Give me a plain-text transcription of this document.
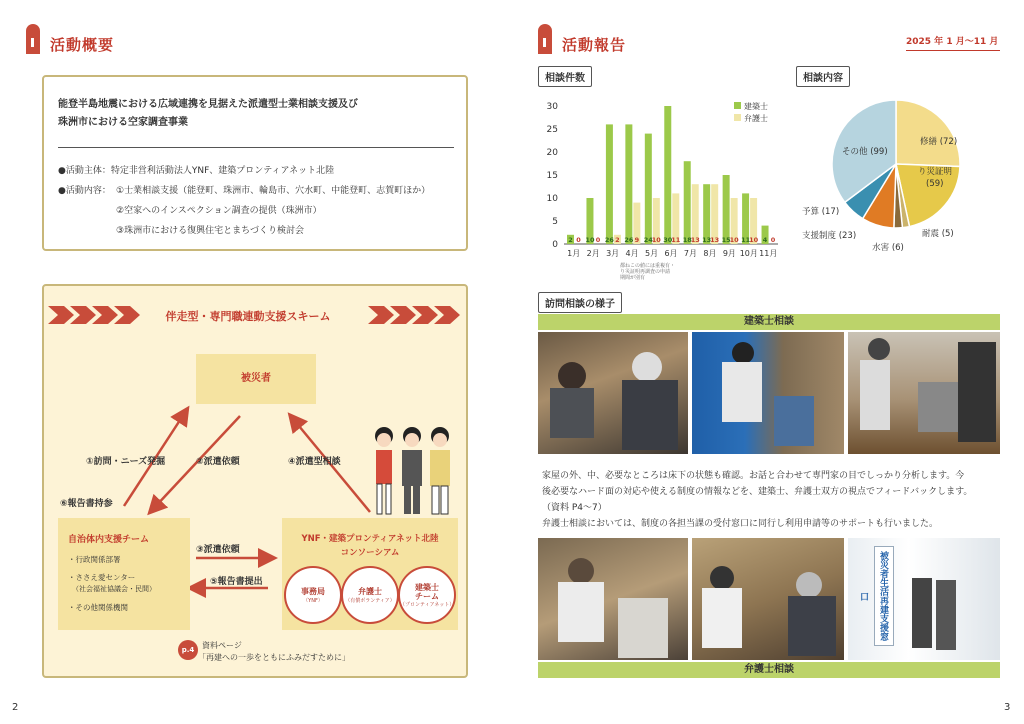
活動概要
能登半島地震における広域連携を見据えた派遣型士業相談支援及び
珠洲市における空家調査事業
●活動主体：特定非営利活動法人YNF、建築プロンティアネット北陸
●活動内容： ①士業相談支援（能登町、珠洲市、輪島市、穴水町、中能登町、志賀町ほか）
②空家へのインスペクション調査の提供（珠洲市）
③珠洲市における復興住宅とまちづくり検討会
伴走型・専門職連動支援スキーム
被災者
①訪問・ニーズ発掘	②派遣依頼	④派遣型相談
⑥報告書持参
③派遣依頼
⑤報告書提出
自治体内支援チーム
・行政関係部署
・ささえ愛センター
（社会福祉協議会・民間）
・その他関係機関
YNF・建築プロンティアネット北陸
コンソーシアム
事務局
（YNF）
弁護士
（有償ボランティア）
建築士
チーム
（プロンティアネット）
p.4 資料ページ
「再建への一歩をともにふみだすために」
2
活動報告	2025 年 1 月～11 月
相談件数	相談内容
0
5
10
15
20
25
30
2 0
1月
10 0
2月
26 2
3月
26 9
4月
24
10
5月
30
11
6月
18
13
7月
13
13
8月
15
10
9月
11
10
10月
4 0
11月
建築士
弁護士
都ねこの値には重複有・
り災証明再調査の申請
期間が別有
修繕 (72)
り災証明
(59)
耐震 (5)
水害 (6)
支援制度 (23)
予算 (17)
その他 (99)
訪問相談の様子
建築士相談
家屋の外、中、必要なところは床下の状態も確認。お話と合わせて専門家の目でしっかり分析します。今
後必要なハード面の対応や使える制度の情報などを、建築士、弁護士双方の視点でフィードバックします。
（資料 P4～7）
弁護士相談においては、制度の各担当課の受付窓口に同行し利用申請等のサポートも行いました。
被災者生活再建支援窓口
弁護士相談
3
